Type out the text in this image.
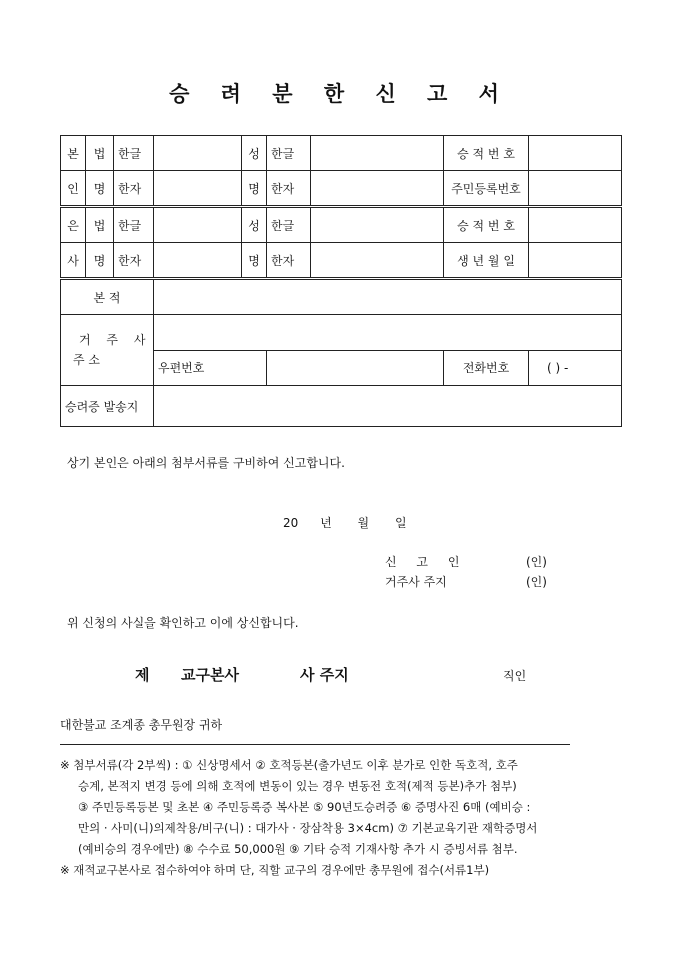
승 려 분 한 신 고 서
본	법	한글		성	한글		승 적 번 호	
인	명	한자		명	한자		주민등록번호	
은	법	한글		성	한글		승 적 번 호	
사	명	한자		명	한자		생 년 월 일	
본 적								

거 주 사
주 소								

			우편번호				전화번호	( ) -
승려증 발송지								
상기 본인은 아래의 첨부서류를 구비하여 신고합니다.
20 년 월 일
신 고 인	(인)
거주사 주지	(인)
위 신청의 사실을 확인하고 이에 상신합니다.
제 교구본사	사 주지	직인
대한불교 조계종 총무원장 귀하
※ 첨부서류(각 2부씩) : ① 신상명세서 ② 호적등본(출가년도 이후 분가로 인한 독호적, 호주
승계, 본적지 변경 등에 의해 호적에 변동이 있는 경우 변동전 호적(제적 등본)추가 첨부)
③ 주민등록등본 및 초본 ④ 주민등록증 복사본 ⑤ 90년도승려증 ⑥ 증명사진 6매 (예비승 :
만의 · 사미(니)의제착용/비구(니) : 대가사 · 장삼착용 3×4cm) ⑦ 기본교육기관 재학증명서
(예비승의 경우에만) ⑧ 수수료 50,000원 ⑨ 기타 승적 기재사항 추가 시 증빙서류 첨부.
※ 재적교구본사로 접수하여야 하며 단, 직할 교구의 경우에만 총무원에 접수(서류1부)
